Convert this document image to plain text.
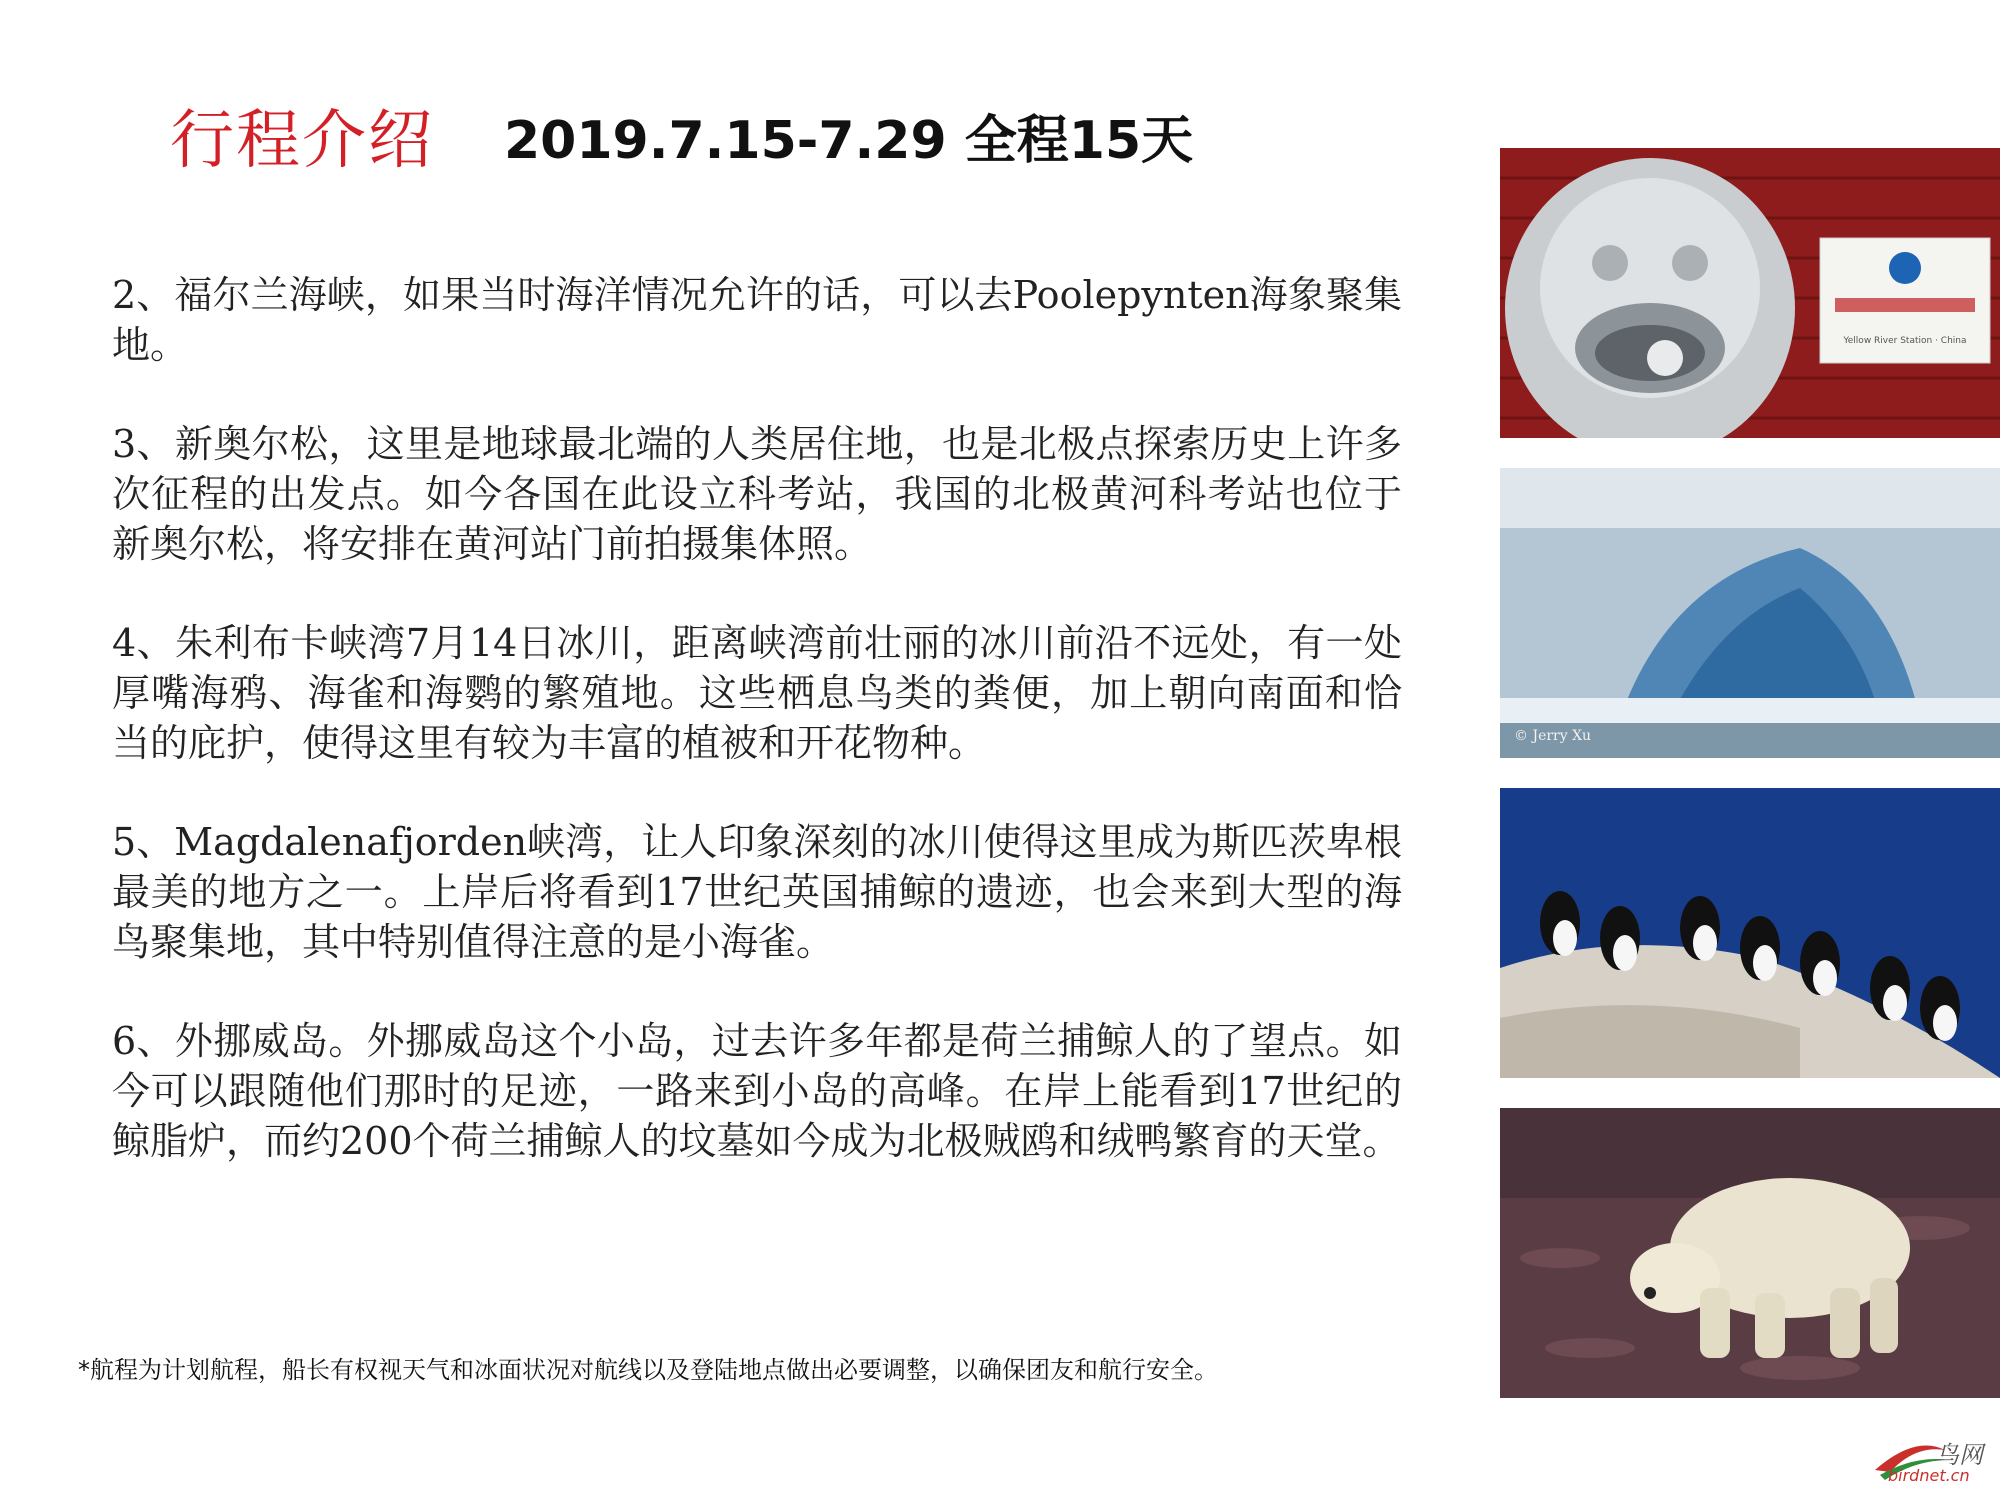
行程介绍 2019.7.15-7.29 全程15天

2、福尔兰海峡，如果当时海洋情况允许的话，可以去Poolepynten海象聚集地。

3、新奥尔松，这里是地球最北端的人类居住地，也是北极点探索历史上许多次征程的出发点。如今各国在此设立科考站，我国的北极黄河科考站也位于新奥尔松，将安排在黄河站门前拍摄集体照。

4、朱利布卡峡湾7月14日冰川，距离峡湾前壮丽的冰川前沿不远处，有一处厚嘴海鸦、海雀和海鹦的繁殖地。这些栖息鸟类的粪便，加上朝向南面和恰当的庇护，使得这里有较为丰富的植被和开花物种。

5、Magdalenafjorden峡湾，让人印象深刻的冰川使得这里成为斯匹茨卑根最美的地方之一。上岸后将看到17世纪英国捕鲸的遗迹，也会来到大型的海鸟聚集地，其中特别值得注意的是小海雀。

6、外挪威岛。外挪威岛这个小岛，过去许多年都是荷兰捕鲸人的了望点。如今可以跟随他们那时的足迹，一路来到小岛的高峰。在岸上能看到17世纪的鲸脂炉，而约200个荷兰捕鲸人的坟墓如今成为北极贼鸥和绒鸭繁育的天堂。

*航程为计划航程，船长有权视天气和冰面状况对航线以及登陆地点做出必要调整，以确保团友和航行安全。
Yellow River Station · China
© Jerry Xu
鸟网
birdnet.cn
